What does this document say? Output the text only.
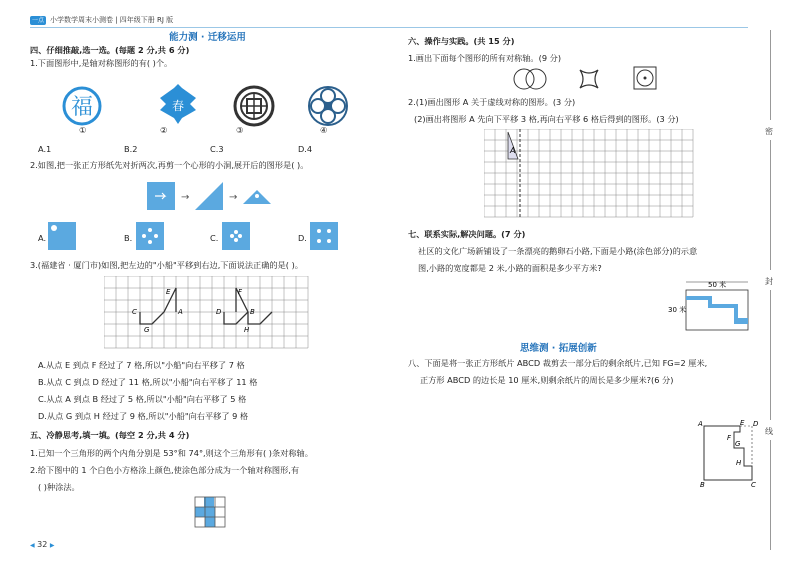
一点 小学数学周末小测卷 | 四年级下册 RJ 版
能力测 · 迁移运用
四、仔细推敲,选一选。(每题 2 分,共 6 分)
1.下面图形中,是轴对称图形的有( )个。
福	春
①	②	③	④
A.1	B.2	C.3	D.4
2.如图,把一张正方形纸先对折两次,再剪一个心形的小洞,展开后的图形是( )。
→	→
A.	B.	C.	D.
3.(福建省 · 厦门市)如图,把左边的"小船"平移到右边,下面说法正确的是( )。
E	F
C	D
A	B
G	H
A.从点 E 到点 F 经过了 7 格,所以"小船"向右平移了 7 格
B.从点 C 到点 D 经过了 11 格,所以"小船"向右平移了 11 格
C.从点 A 到点 B 经过了 5 格,所以"小船"向右平移了 5 格
D.从点 G 到点 H 经过了 9 格,所以"小船"向右平移了 9 格
五、冷静思考,填一填。(每空 2 分,共 4 分)
1.已知一个三角形的两个内角分别是 53°和 74°,则这个三角形有( )条对称轴。
2.给下图中的 1 个白色小方格涂上颜色,使涂色部分成为一个轴对称图形,有
( )种涂法。
六、操作与实践。(共 15 分)
1.画出下面每个图形的所有对称轴。(9 分)
2.(1)画出图形 A 关于虚线对称的图形。(3 分)
(2)画出将图形 A 先向下平移 3 格,再向右平移 6 格后得到的图形。(3 分)
A
七、联系实际,解决问题。(7 分)
社区的文化广场新铺设了一条漂亮的鹅卵石小路,下面是小路(涂色部分)的示意
图,小路的宽度都是 2 米,小路的面积是多少平方米?
50 米
30 米
思维测 · 拓展创新
八、下面是将一张正方形纸片 ABCD 裁剪去一部分后的剩余纸片,已知 FG=2 厘米,
正方形 ABCD 的边长是 10 厘米,则剩余纸片的周长是多少厘米?(6 分)
A	E D
F
G
H
B	C
密
封
线
◀ 32 ▶
